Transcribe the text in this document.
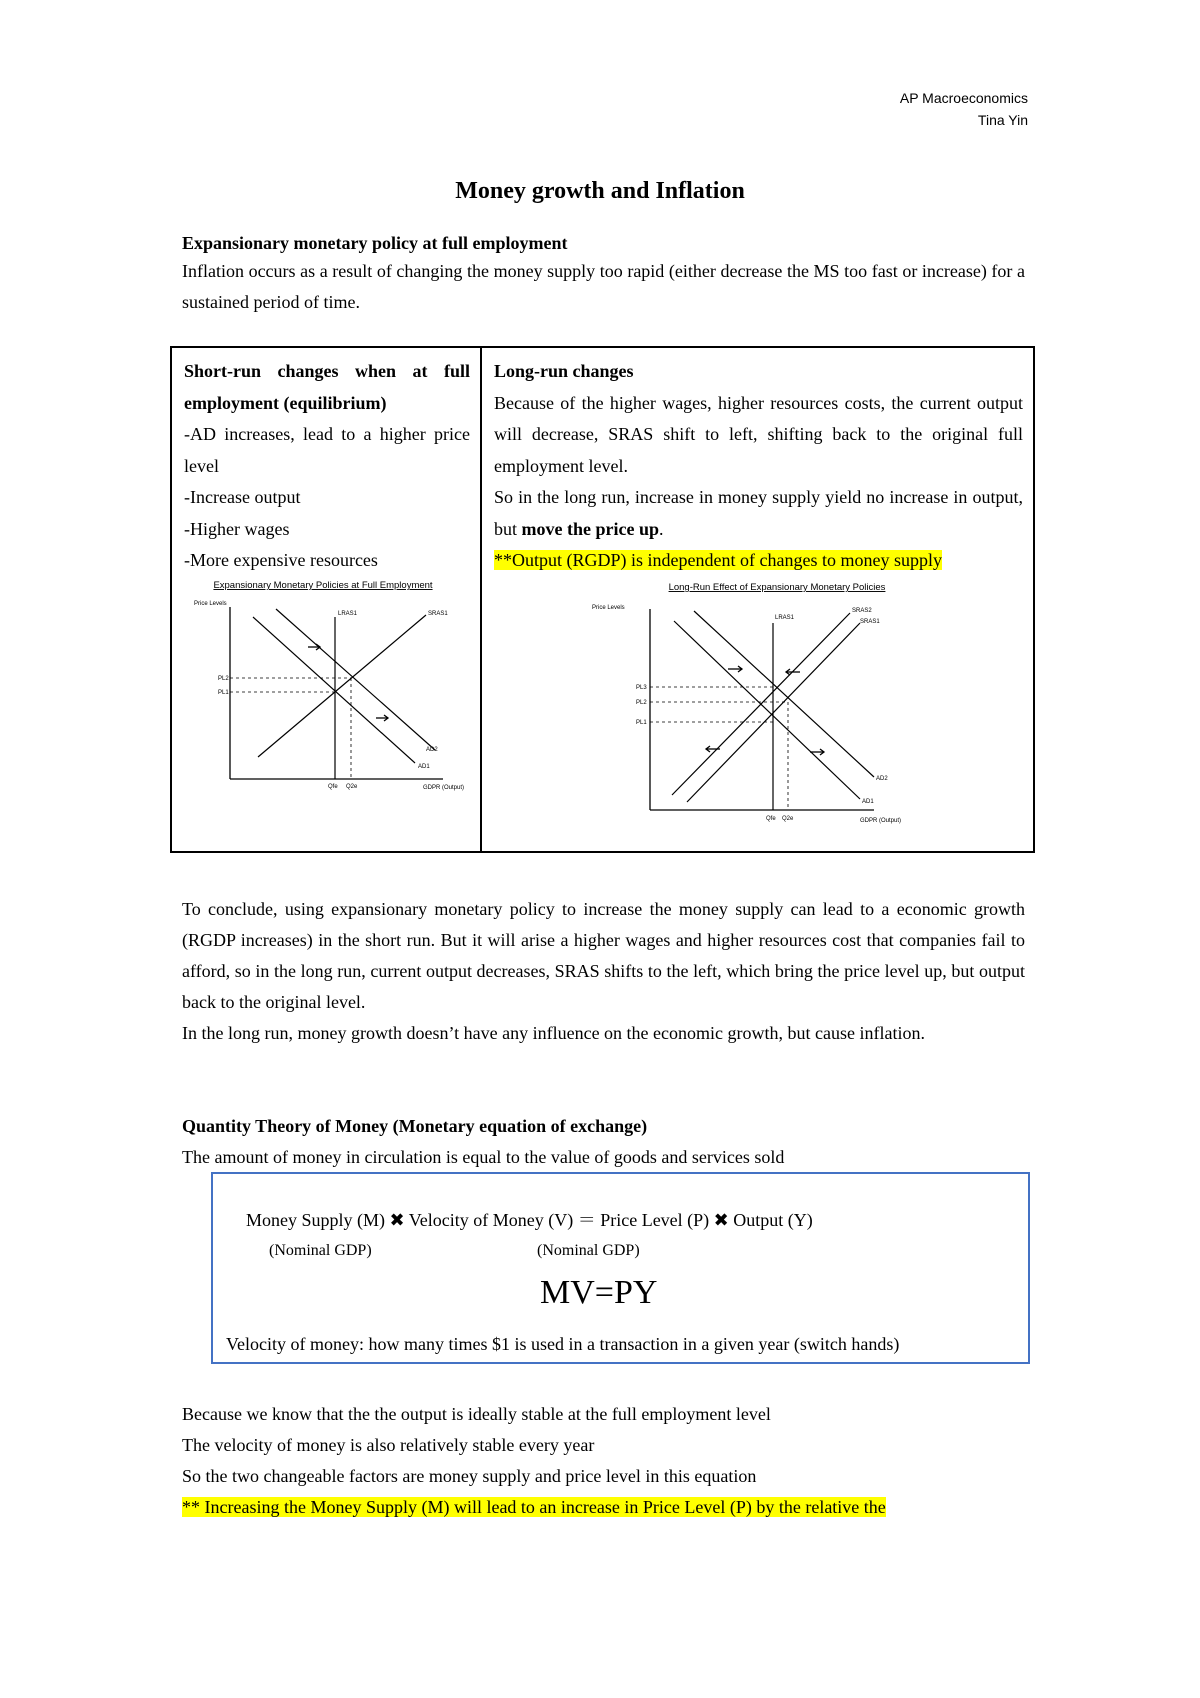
AP Macroeconomics
Tina Yin
Money growth and Inflation
Expansionary monetary policy at full employment
Inflation occurs as a result of changing the money supply too rapid (either decrease the MS too fast or increase) for a sustained period of time.
Short-run changes when at full employment (equilibrium)
-AD increases, lead to a higher price level
-Increase output
-Higher wages
-More expensive resources
Expansionary Monetary Policies at Full Employment
Price Levels
LRAS1	SRAS1
AD2
AD1
PL2
PL1
Qfe Q2e	GDPR (Output)

Long-run changes
Because of the higher wages, higher resources costs, the current output will decrease, SRAS shift to left, shifting back to the original full employment level.
So in the long run, increase in money supply yield no increase in output, but move the price up.
**Output (RGDP) is independent of changes to money supply
Long-Run Effect of Expansionary Monetary Policies
Price Levels
LRAS1
SRAS2
SRAS1
AD2
AD1
PL3
PL2
PL1
Qfe Q2e	GDPR (Output)
To conclude, using expansionary monetary policy to increase the money supply can lead to a economic growth (RGDP increases) in the short run. But it will arise a higher wages and higher resources cost that companies fail to afford, so in the long run, current output decreases, SRAS shifts to the left, which bring the price level up, but output back to the original level.
In the long run, money growth doesn’t have any influence on the economic growth, but cause inflation.
Quantity Theory of Money (Monetary equation of exchange)
The amount of money in circulation is equal to the value of goods and services sold
Money Supply (M) ✖ Velocity of Money (V) ＝ Price Level (P) ✖ Output (Y)
(Nominal GDP)	(Nominal GDP)
MV=PY
Velocity of money: how many times $1 is used in a transaction in a given year (switch hands)
Because we know that the the output is ideally stable at the full employment level
The velocity of money is also relatively stable every year
So the two changeable factors are money supply and price level in this equation
** Increasing the Money Supply (M) will lead to an increase in Price Level (P) by the relative the
